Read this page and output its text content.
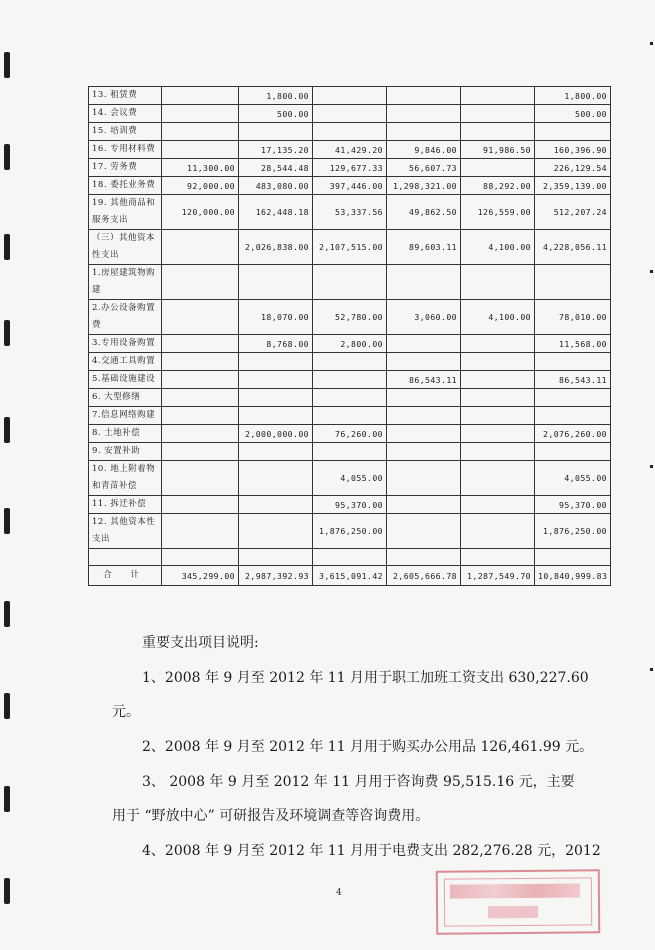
13. 租赁费		1,800.00				1,800.00
14. 会议费		500.00				500.00
15. 培训费						
16. 专用材料费		17,135.20	41,429.20	9,846.00	91,986.50	160,396.90
17. 劳务费	11,300.00	28,544.48	129,677.33	56,607.73		226,129.54
18. 委托业务费	92,000.00	483,080.00	397,446.00	1,298,321.00	88,292.00	2,359,139.00
19. 其他商品和服务支出	120,000.00	162,448.18	53,337.56	49,862.50	126,559.00	512,207.24
（三）其他资本性支出		2,026,838.00	2,107,515.00	89,603.11	4,100.00	4,228,056.11
1.房屋建筑物购建						
2.办公设备购置费		18,070.00	52,780.00	3,060.00	4,100.00	78,010.00
3.专用设备购置		8,768.00	2,800.00			11,568.00
4.交通工具购置						
5.基础设施建设				86,543.11		86,543.11
6. 大型修缮						
7.信息网络购建						
8. 土地补偿		2,000,000.00	76,260.00			2,076,260.00
9. 安置补助						
10. 地上附着物和青苗补偿			4,055.00			4,055.00
11. 拆迁补偿			95,370.00			95,370.00
12. 其他资本性支出			1,876,250.00			1,876,250.00

合 计	345,299.00	2,987,392.93	3,615,091.42	2,605,666.78	1,287,549.70	10,840,999.83

重要支出项目说明:

1、2008 年 9 月至 2012 年 11 月用于职工加班工资支出 630,227.60

元。

2、2008 年 9 月至 2012 年 11 月用于购买办公用品 126,461.99 元。

3、 2008 年 9 月至 2012 年 11 月用于咨询费 95,515.16 元，主要

用于 “野放中心” 可研报告及环境调查等咨询费用。

4、2008 年 9 月至 2012 年 11 月用于电费支出 282,276.28 元，2012

4
